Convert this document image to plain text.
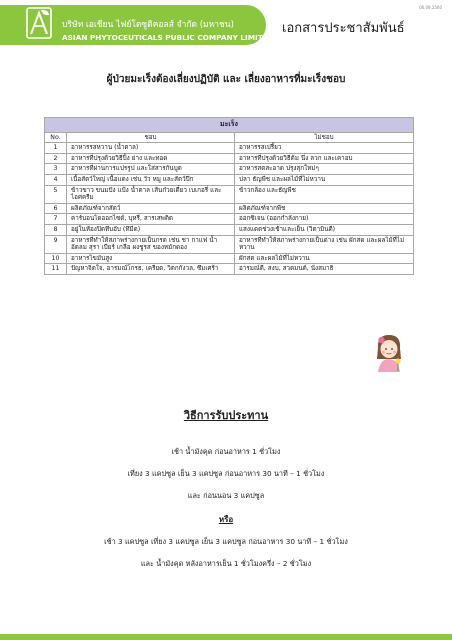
06.09.2560
บริษัท เอเชียน ไฟย์โตซูติคอลส์ จำกัด (มหาชน)
ASIAN PHYTOCEUTICALS PUBLIC COMPANY LIMITED
เอกสารประชาสัมพันธ์
ผู้ป่วยมะเร็งต้องเลี่ยงปฏิบัติ และ เลี่ยงอาหารที่มะเร็งชอบ
มะเร็ง		
No.	ชอบ	ไม่ชอบ
1	อาหารรสหวาน (น้ำตาล)	อาหารรสเปรี้ยว
2	อาหารที่ปรุงด้วยวิธีปิ้ง ย่าง และทอด	อาหารที่ปรุงด้วยวิธีต้ม นึ่ง ลวก และเคาอบ
3	อาหารที่ผ่านการแปรรูป และใส่สารกันบูด	อาหารสดสะอาด ปรุงสุกใหม่ๆ
4	เนื้อสัตว์ใหญ่ เนื้อแดง เช่น วัว หมู และสัตว์ปีก	ปลา ธัญพืช และผลไม้ที่ไม่หวาน
5	ข้าวขาว ขนมปัง แป้ง น้ำตาล เส้นก๋วยเตี๋ยว เบเกอรี่ และไอศครีม	ข้าวกล้อง และธัญพืช
6	ผลิตภัณฑ์จากสัตว์	ผลิตภัณฑ์จากพืช
7	คาร์บอนไดออกไซด์, บุหรี่, สารเสพติด	ออกซิเจน (ออกกำลังกาย)
8	อยู่ในห้องปิดทึบอับ (ทึมืด)	แสงแดดช่วงเช้าและเย็น (วิตามินดี)
9	อาหารที่ทำให้สภาพร่างกายเป็นกรด เช่น ชา กาแฟ น้ำอัดลม สุรา เบียร์ เกลือ ผงชูรส ของหมักดอง	อาหารที่ทำให้สภาพร่างกายเป็นด่าง เช่น ผักสด และผลไม้ที่ไม่หวาน
10	อาหารไขมันสูง	ผักสด และผลไม้ที่ไม่หวาน
11	ปัญหาจิตใจ, อารมณ์โกรธ, เครียด, วิตกกังวล, ซึมเศร้า	อารมณ์ดี, สงบ, สวดมนต์, นั่งสมาธิ
วิธีการรับประทาน
เช้า น้ำมังคุด ก่อนอาหาร 1 ชั่วโมง
เที่ยง 3 แคปซูล เย็น 3 แคปซูล ก่อนอาหาร 30 นาที – 1 ชั่วโมง
และ ก่อนนอน 3 แคปซูล
หรือ
เช้า 3 แคปซูล เที่ยง 3 แคปซูล เย็น 3 แคปซูล ก่อนอาหาร 30 นาที – 1 ชั่วโมง
และ น้ำมังคุด หลังอาหารเย็น 1 ชั่วโมงครึ่ง – 2 ชั่วโมง
